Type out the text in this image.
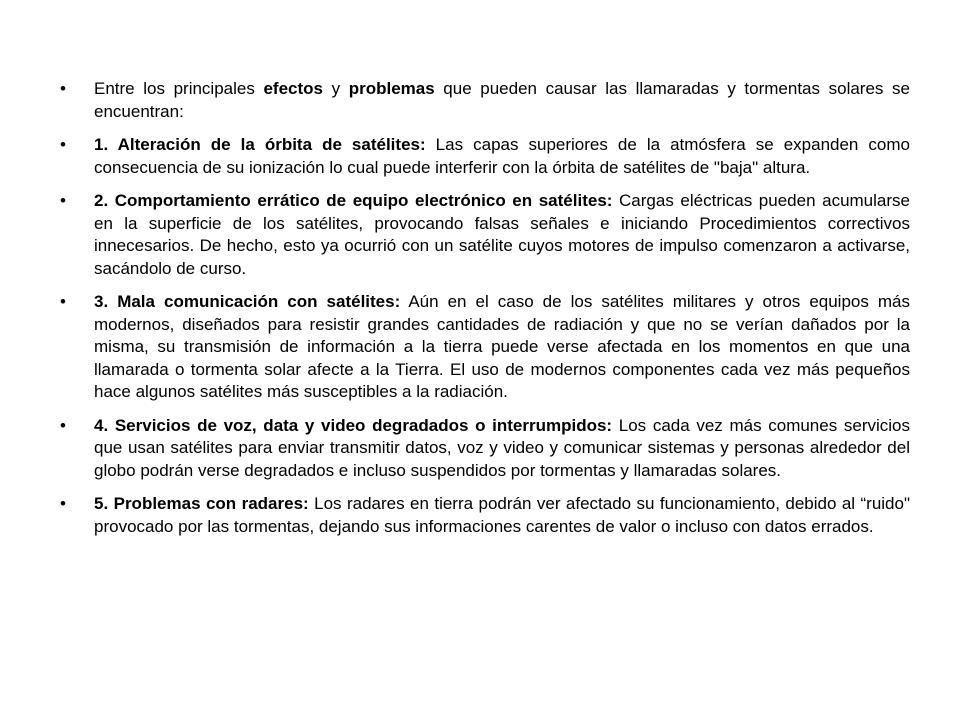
• Entre los principales efectos y problemas que pueden causar las llamaradas y tormentas solares se encuentran:
• 1. Alteración de la órbita de satélites: Las capas superiores de la atmósfera se expanden como consecuencia de su ionización lo cual puede interferir con la órbita de satélites de "baja" altura.
• 2. Comportamiento errático de equipo electrónico en satélites: Cargas eléctricas pueden acumularse en la superficie de los satélites, provocando falsas señales e iniciando Procedimientos correctivos innecesarios. De hecho, esto ya ocurrió con un satélite cuyos motores de impulso comenzaron a activarse, sacándolo de curso.
• 3. Mala comunicación con satélites: Aún en el caso de los satélites militares y otros equipos más modernos, diseñados para resistir grandes cantidades de radiación y que no se verían dañados por la misma, su transmisión de información a la tierra puede verse afectada en los momentos en que una llamarada o tormenta solar afecte a la Tierra. El uso de modernos componentes cada vez más pequeños hace algunos satélites más susceptibles a la radiación.
• 4. Servicios de voz, data y video degradados o interrumpidos: Los cada vez más comunes servicios que usan satélites para enviar transmitir datos, voz y video y comunicar sistemas y personas alrededor del globo podrán verse degradados e incluso suspendidos por tormentas y llamaradas solares.
• 5. Problemas con radares: Los radares en tierra podrán ver afectado su funcionamiento, debido al “ruido" provocado por las tormentas, dejando sus informaciones carentes de valor o incluso con datos errados.
